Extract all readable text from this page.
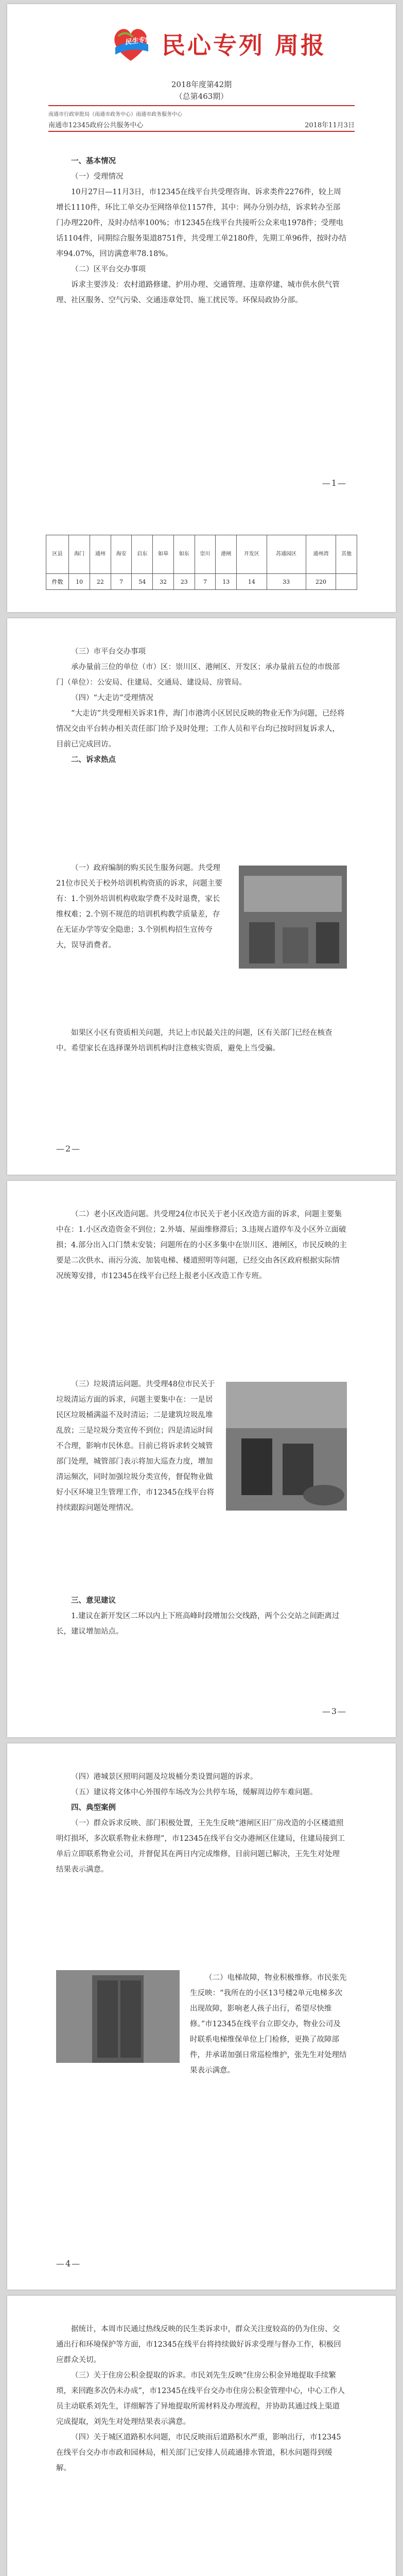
民生专线 民心专列 周报
2018年度第42期
（总第463期）
南通市行政审批局（南通市政务中心）南通市政务服务中心
南通市12345政府公共服务中心	2018年11月3日

一、基本情况

（一）受理情况

10月27日—11月3日，市12345在线平台共受理咨询、诉求类件2276件，较上周增长1110件，环比工单交办至网络单位1157件，其中：网办分别办结，诉求转办至部门办理220件，及时办结率100%；市12345在线平台共接听公众来电1978件；受理电话1104件，同期综合服务渠道8751件，共受理工单2180件，先期工单96件，按时办结率94.07%，回访满意率78.18%。

（二）区平台交办事项

诉求主要涉及：农村道路修建、护用办理、交通管理、违章停建、城市供水供气管理、社区服务、空气污染、交通违章处罚、施工扰民等。环保局政协分部。

—1—
区县	海门	通州	海安	启东	如皋	如东	崇川	港闸	开发区	苏通园区	通州湾	其他
件数	10	22	7	54	32	23	7	13	14	33	220	

（三）市平台交办事项

承办量前三位的单位（市）区：崇川区、港闸区、开发区；承办量前五位的市级部门（单位）：公安局、住建局、交通局、建设局、房管局。

（四）“大走访”受理情况

“大走访”共受理相关诉求1件，海门市港湾小区居民反映的物业无作为问题，已经将情况交由平台转办相关责任部门给予及时处理；工作人员和平台均已按时回复诉求人，目前已完成回访。

二、诉求热点

（一）政府编制的购买民生服务问题。共受理21位市民关于校外培训机构资质的诉求，问题主要有：1.个别外培训机构收取学费不及时退费，家长维权难；2.个别不规范的培训机构教学质量差，存在无证办学等安全隐患；3.个别机构招生宣传夸大，误导消费者。

如果区小区有资质相关问题，共记上市民最关注的问题，区有关部门已经在核查中。希望家长在选择课外培训机构时注意核实资质，避免上当受骗。

—2—

（二）老小区改造问题。共受理24位市民关于老小区改造方面的诉求，问题主要集中在：1.小区改造资金不到位；2.外墙、屋面维修滞后；3.违规占道停车及小区外立面破损；4.部分出入口门禁未安装；问题所在的小区多集中在崇川区、港闸区，市民反映的主要是二次供水、雨污分流、加装电梯、楼道照明等问题，已经交由各区政府根据实际情况统筹安排，市12345在线平台已经上报老小区改造工作专班。

（三）垃圾清运问题。共受理48位市民关于垃圾清运方面的诉求，问题主要集中在：一是居民区垃圾桶满溢不及时清运；二是建筑垃圾乱堆乱放；三是垃圾分类宣传不到位；四是清运时间不合理，影响市民休息。目前已将诉求转交城管部门处理，城管部门表示将加大巡查力度，增加清运频次，同时加强垃圾分类宣传，督促物业做好小区环境卫生管理工作，市12345在线平台将持续跟踪问题处理情况。

三、意见建议

1.建议在新开发区二环以内上下班高峰时段增加公交线路，两个公交站之间距离过长，建议增加站点。

—3—

（四）港城景区照明问题及垃圾桶分类设置问题的诉求。

（五）建议将文体中心外围停车场改为公共停车场，缓解周边停车难问题。

四、典型案例

（一）群众诉求反映、部门积极处置，王先生反映“港闸区旧厂房改造的小区楼道照明灯损坏，多次联系物业未修理”，市12345在线平台交办港闸区住建局，住建局接到工单后立即联系物业公司，并督促其在两日内完成维修，目前问题已解决，王先生对处理结果表示满意。

（二）电梯故障，物业积极维修。市民张先生反映：“我所在的小区13号楼2单元电梯多次出现故障，影响老人孩子出行，希望尽快维修。”市12345在线平台立即交办，物业公司及时联系电梯维保单位上门检修，更换了故障部件，并承诺加强日常巡检维护，张先生对处理结果表示满意。

—4—

据统计，本周市民通过热线反映的民生类诉求中，群众关注度较高的仍为住房、交通出行和环境保护等方面，市12345在线平台将持续做好诉求受理与督办工作，积极回应群众关切。

（三）关于住房公积金提取的诉求。市民刘先生反映“住房公积金异地提取手续繁琐，来回跑多次仍未办成”，市12345在线平台交办市住房公积金管理中心，中心工作人员主动联系刘先生，详细解答了异地提取所需材料及办理流程，并协助其通过线上渠道完成提取，刘先生对处理结果表示满意。

（四）关于城区道路积水问题，市民反映雨后道路积水严重，影响出行，市12345在线平台交办市市政和园林局，相关部门已安排人员疏通排水管道，积水问题得到缓解。
